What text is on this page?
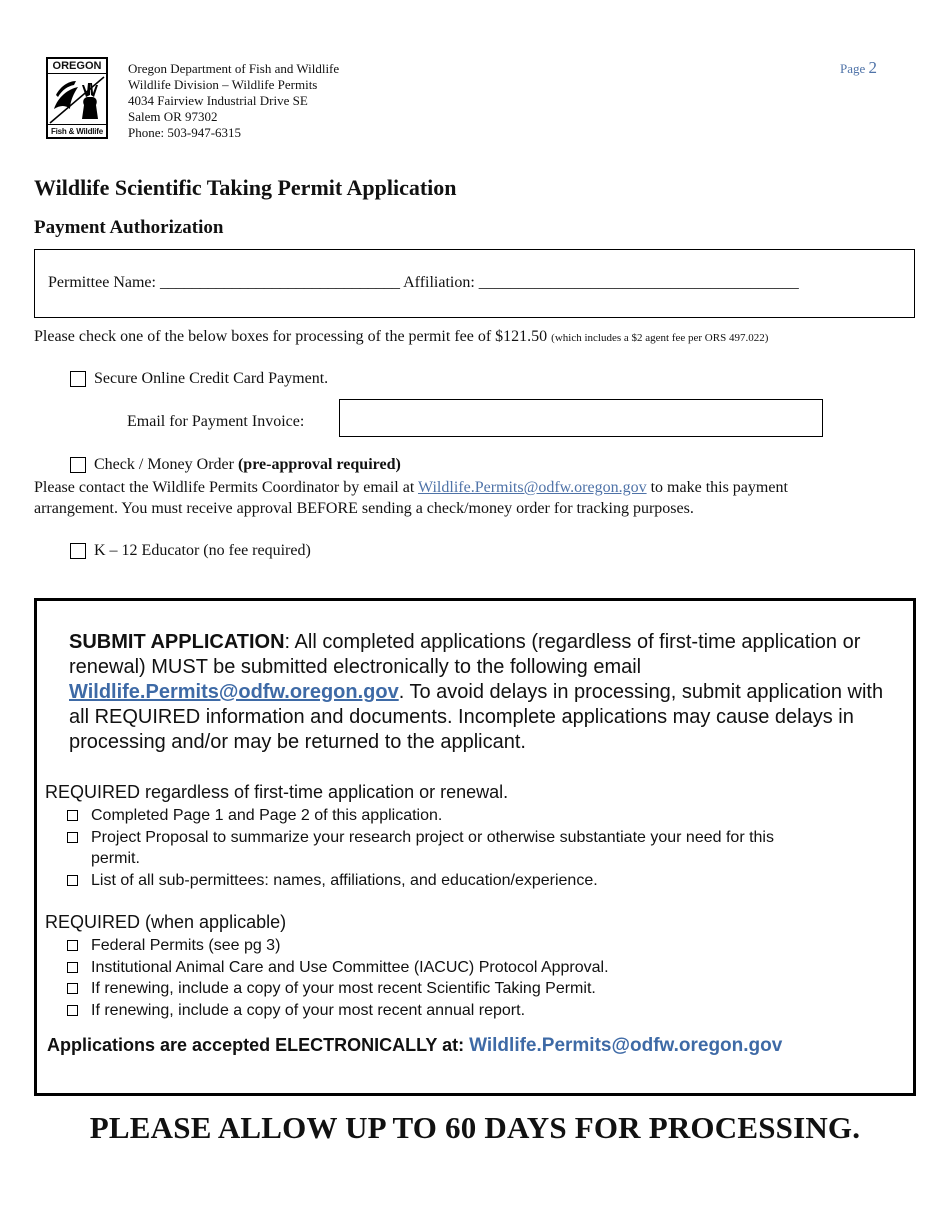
OREGON
Fish & Wildlife
Oregon Department of Fish and Wildlife
Wildlife Division – Wildlife Permits
4034 Fairview Industrial Drive SE
Salem OR 97302
Phone: 503-947-6315
Page 2
Wildlife Scientific Taking Permit Application
Payment Authorization
Permittee Name: ______________________________ Affiliation: ________________________________________
Please check one of the below boxes for processing of the permit fee of $121.50 (which includes a $2 agent fee per ORS 497.022)
Secure Online Credit Card Payment.
Email for Payment Invoice:
Check / Money Order (pre-approval required)
Please contact the Wildlife Permits Coordinator by email at Wildlife.Permits@odfw.oregon.gov to make this payment
arrangement. You must receive approval BEFORE sending a check/money order for tracking purposes.
K – 12 Educator (no fee required)
SUBMIT APPLICATION: All completed applications (regardless of first-time application or renewal) MUST be submitted electronically to the following email Wildlife.Permits@odfw.oregon.gov. To avoid delays in processing, submit application with all REQUIRED information and documents. Incomplete applications may cause delays in processing and/or may be returned to the applicant.
REQUIRED regardless of first-time application or renewal.
Completed Page 1 and Page 2 of this application.
Project Proposal to summarize your research project or otherwise substantiate your need for this permit.
List of all sub-permittees: names, affiliations, and education/experience.
REQUIRED (when applicable)
Federal Permits (see pg 3)
Institutional Animal Care and Use Committee (IACUC) Protocol Approval.
If renewing, include a copy of your most recent Scientific Taking Permit.
If renewing, include a copy of your most recent annual report.
Applications are accepted ELECTRONICALLY at: Wildlife.Permits@odfw.oregon.gov
PLEASE ALLOW UP TO 60 DAYS FOR PROCESSING.
